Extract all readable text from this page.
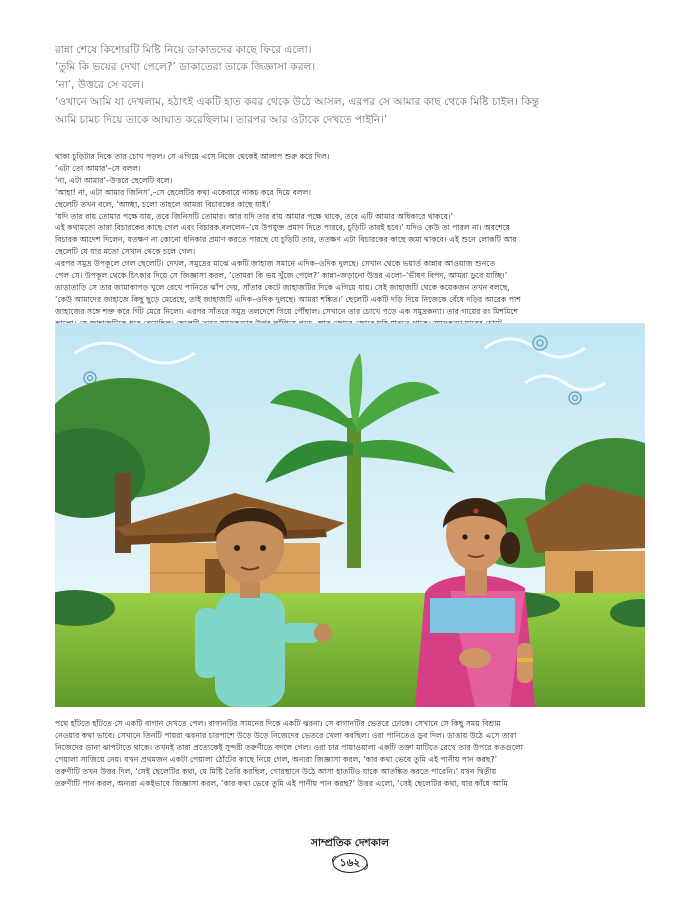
রান্না শেষে কিশোরটি মিষ্টি নিয়ে ডাকাতদের কাছে ফিরে এলো।
‘তুমি কি ভয়ের দেখা পেলে?’ ডাকাতেরা তাকে জিজ্ঞাসা করল।
‘না’, উত্তরে সে বলে।
‘ওখানে আমি যা দেখলাম, হঠাৎই একটি হাত কবর থেকে উঠে আসল, এরপর সে আমার কাছ থেকে মিষ্টি চাইল। কিন্তু
আমি চামচ দিয়ে তাকে আঘাত করেছিলাম। তারপর আর ওটাকে দেখতে পাইনি।’
থাকা চুড়িটার দিকে তার চোখ পড়ল। সে এগিয়ে এসে নিজে থেকেই আলাপ শুরু করে দিল।
‘এটা তো আমার’–সে বলল।
‘না, এটা আমার’–উত্তরে ছেলেটি বলে।
‘আহা! না, এটা আমার জিনিস’,–সে ছেলেটির কথা একেবারে নাকচ করে দিয়ে বলল।
ছেলেটি তখন বলে, ‘আচ্ছা, চলো তাহলে আমরা বিচারকের কাছে যাই।’
‘যদি তার রায় তোমার পক্ষে যায়, তবে জিনিসটি তোমার। আর যদি তার রায় আমার পক্ষে থাকে, তবে এটি আমার অধিকারে থাকবে।’
এই কথামতো তারা বিচারকের কাছে গেল এবং বিচারক বললেন–‘যে উপযুক্ত প্রমাণ দিতে পারবে, চুড়িটি তারই হবে।’ যদিও কেউ তা পারল না। অবশেষে
বিচারক আদেশ দিলেন, যতক্ষণ না কোনো ধনিকার প্রমাণ করতে পারছে যে চুড়িটি তার, ততক্ষণ এটা বিচারকের কাছে জমা থাকবে। এই শুনে লোকটি আর
ছেলেটি যে যার মতো সেখান থেকে চলে গেল।
এরপর সমুদ্র উপকূলে গেল ছেলেটি। দেখল, সমুদ্রের মাঝে একটি জাহাজ সমানে এদিক–ওদিক দুলছে। সেখান থেকে ভয়ার্ত কান্নার আওয়াজ শুনতে
পেল সে। উপকূল থেকে চিৎকার দিয়ে সে জিজ্ঞাসা করল, ‘তোমরা কি ভয় খুঁজে পেলে?’ কান্না–জড়ানো উত্তর এলো–‘ভীষণ বিপদ, আমরা ডুবে যাচ্ছি।’
তাড়াতাড়ি সে তার জামাকাপড় খুলে রেখে পানিতে ঝাঁপ দেয়, সাঁতার কেটে জাহাজটির দিকে এগিয়ে যায়। সেই জাহাজটি থেকে কয়েকজন তখন বলছে,
‘কেউ আমাদের জাহাজে কিছু ছুড়ে মেরেছে, তাই জাহাজটি এদিক–ওদিক দুলছে। আমরা শঙ্কিত।’ ছেলেটি একটি দড়ি দিয়ে নিজেকে বেঁধে দড়ির আরেক পাশ
জাহাজের সঙ্গে শক্ত করে গিঁট মেরে নিলো। এরপর সাঁতরে সমুদ্র তলদেশে গিয়ে পৌঁছাল। সেখানে তার চোখে পড়ে এক সমুদ্রকন্যা। তার গায়ের রং মিশমিশে
পথে হাঁটতে হাঁটতে সে একটি বাগান দেখতে পেল। বাগানটির সামনের দিকে একটি ঝরনা। সে বাগানটির ভেতরে ঢোকে। সেখানে সে কিছু সময় বিশ্রাম
নেওয়ার কথা ভাবে। সেখানে তিনটি পায়রা ঝরনার চারপাশে উড়ে উড়ে নিজেদের ভেতরে খেলা করছিল। ওরা পানিতেও ডুব দিল। ডাঙায় উঠে এসে তারা
নিজেদের ডানা ঝাপটাতে থাকে। তখনই তারা প্রত্যেকেই সুন্দরী তরুণীতে বদলে গেল। ওরা চার পায়াওয়ালা একটি তক্তা মাটিতে রেখে তার উপরে কতগুলো
পেয়ালা সাজিয়ে নেয়। যখন প্রথমজন একটা পেয়ালা ঠোঁটের কাছে নিয়ে গেল, অন্যরা জিজ্ঞাসা করল, ‘কার কথা ভেবে তুমি এই পানীয় পান করছ?’
তরুণীটি তখন উত্তর দিল, ‘সেই ছেলেটির কথা, যে মিষ্টি তৈরি করছিল, গোরস্থানে উঠে আসা হাতটিও যাকে আতঙ্কিত করতে পারেনি।’ যখন দ্বিতীয়
তরুণীটি পান করল, অন্যরা একইভাবে জিজ্ঞাসা করল, ‘কার কথা ভেবে তুমি এই পানীয় পান করছ?’ উত্তর এলো, ‘সেই ছেলেটির কথা, যার কাঁধে আমি
সাম্প্রতিক দেশকাল
১৬২
